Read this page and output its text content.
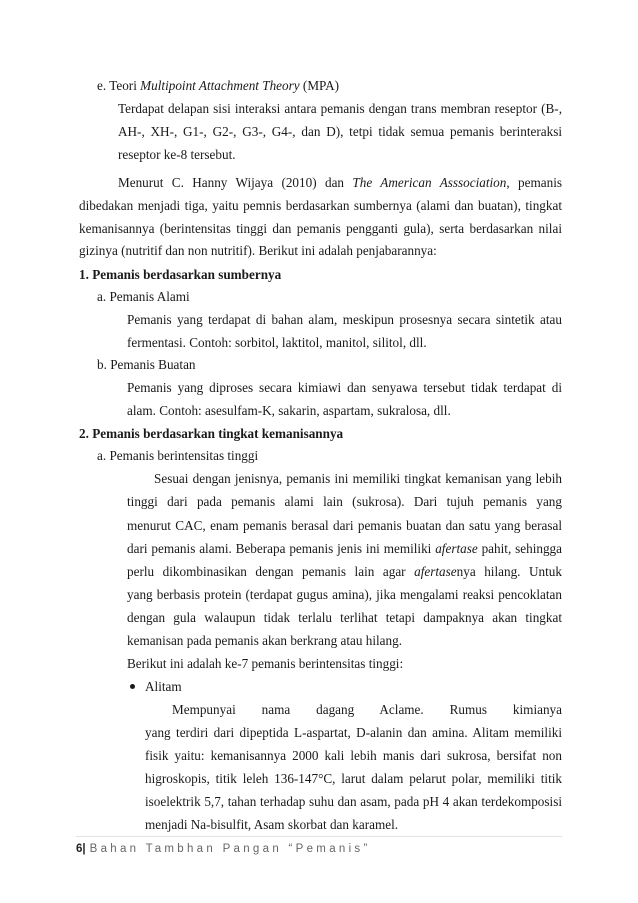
e. Teori Multipoint Attachment Theory (MPA)
Terdapat delapan sisi interaksi antara pemanis dengan trans membran reseptor (B-,
AH-, XH-, G1-, G2-, G3-, G4-, dan D), tetpi tidak semua pemanis berinteraksi
reseptor ke-8 tersebut.
Menurut C. Hanny Wijaya (2010) dan The American Asssociation, pemanis
dibedakan menjadi tiga, yaitu pemnis berdasarkan sumbernya (alami dan buatan), tingkat
kemanisannya (berintensitas tinggi dan pemanis pengganti gula), serta berdasarkan nilai
gizinya (nutritif dan non nutritif). Berikut ini adalah penjabarannya:
1. Pemanis berdasarkan sumbernya
a. Pemanis Alami
Pemanis yang terdapat di bahan alam, meskipun prosesnya secara sintetik atau
fermentasi. Contoh: sorbitol, laktitol, manitol, silitol, dll.
b. Pemanis Buatan
Pemanis yang diproses secara kimiawi dan senyawa tersebut tidak terdapat di
alam. Contoh: asesulfam-K, sakarin, aspartam, sukralosa, dll.
2. Pemanis berdasarkan tingkat kemanisannya
a. Pemanis berintensitas tinggi
Sesuai dengan jenisnya, pemanis ini memiliki tingkat kemanisan yang lebih
tinggi dari pada pemanis alami lain (sukrosa). Dari tujuh pemanis yang
menurut CAC, enam pemanis berasal dari pemanis buatan dan satu yang berasal
dari pemanis alami. Beberapa pemanis jenis ini memiliki afertase pahit, sehingga
perlu dikombinasikan dengan pemanis lain agar afertasenya hilang. Untuk
yang berbasis protein (terdapat gugus amina), jika mengalami reaksi pencoklatan
dengan gula walaupun tidak terlalu terlihat tetapi dampaknya akan tingkat
kemanisan pada pemanis akan berkrang atau hilang.
Berikut ini adalah ke-7 pemanis berintensitas tinggi:
Alitam
Mempunyai nama dagang Aclame. Rumus kimianya
yang terdiri dari dipeptida L-aspartat, D-alanin dan amina. Alitam memiliki
fisik yaitu: kemanisannya 2000 kali lebih manis dari sukrosa, bersifat non
higroskopis, titik leleh 136-147°C, larut dalam pelarut polar, memiliki titik
isoelektrik 5,7, tahan terhadap suhu dan asam, pada pH 4 akan terdekomposisi
menjadi Na-bisulfit, Asam skorbat dan karamel.
6| Bahan Tambhan Pangan “Pemanis”
